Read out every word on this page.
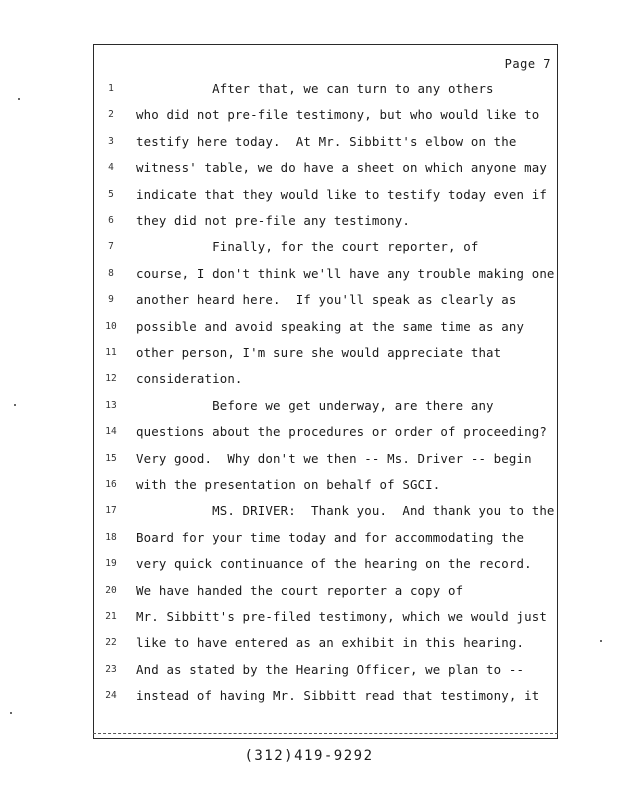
Page 7
1	After that, we can turn to any others
2	who did not pre-file testimony, but who would like to
3	testify here today.  At Mr. Sibbitt's elbow on the
4	witness' table, we do have a sheet on which anyone may
5	indicate that they would like to testify today even if
6	they did not pre-file any testimony.
7	Finally, for the court reporter, of
8	course, I don't think we'll have any trouble making one
9	another heard here.  If you'll speak as clearly as
10	possible and avoid speaking at the same time as any
11	other person, I'm sure she would appreciate that
12	consideration.
13	Before we get underway, are there any
14	questions about the procedures or order of proceeding?
15	Very good.  Why don't we then -- Ms. Driver -- begin
16	with the presentation on behalf of SGCI.
17	MS. DRIVER:  Thank you.  And thank you to the
18	Board for your time today and for accommodating the
19	very quick continuance of the hearing on the record.
20	We have handed the court reporter a copy of
21	Mr. Sibbitt's pre-filed testimony, which we would just
22	like to have entered as an exhibit in this hearing.
23	And as stated by the Hearing Officer, we plan to --
24	instead of having Mr. Sibbitt read that testimony, it
(312)419-9292
